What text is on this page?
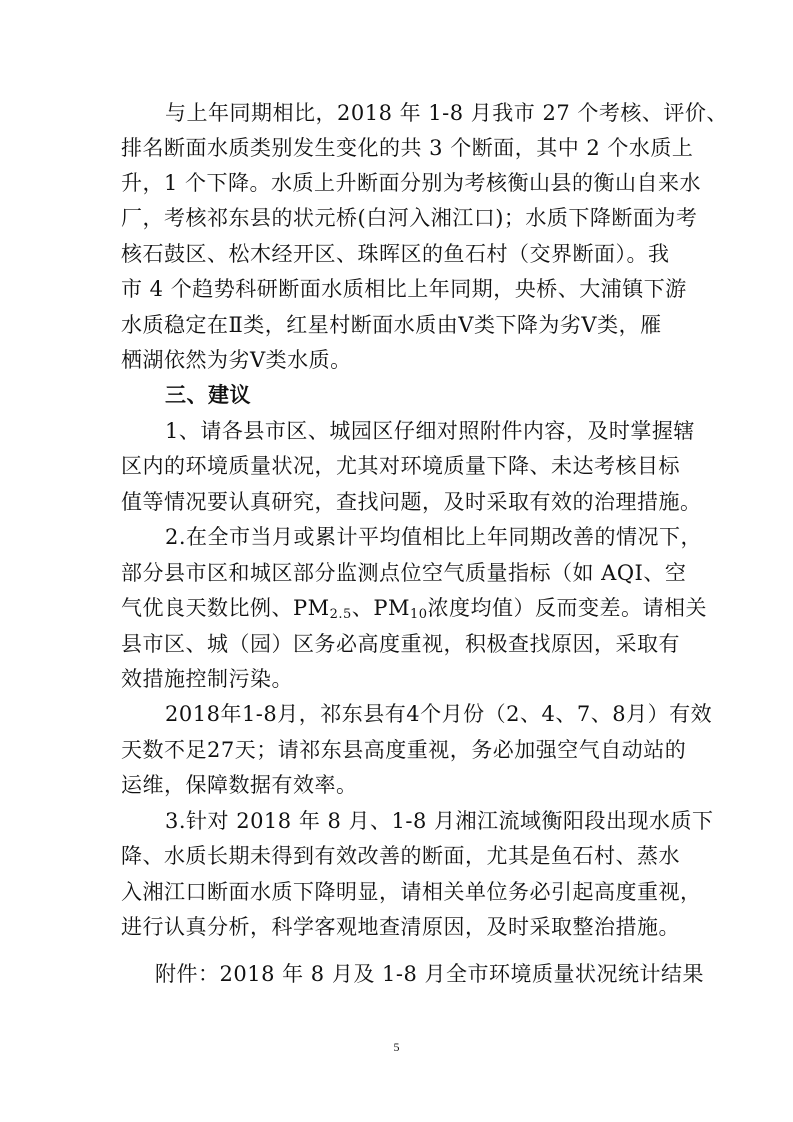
与上年同期相比，2018 年 1-8 月我市 27 个考核、评价、
排名断面水质类别发生变化的共 3 个断面，其中 2 个水质上
升，1 个下降。水质上升断面分别为考核衡山县的衡山自来水
厂，考核祁东县的状元桥(白河入湘江口)；水质下降断面为考
核石鼓区、松木经开区、珠晖区的鱼石村（交界断面）。我
市 4 个趋势科研断面水质相比上年同期，央桥、大浦镇下游
水质稳定在Ⅱ类，红星村断面水质由Ⅴ类下降为劣Ⅴ类，雁
栖湖依然为劣Ⅴ类水质。
三、建议
1、请各县市区、城园区仔细对照附件内容，及时掌握辖
区内的环境质量状况，尤其对环境质量下降、未达考核目标
值等情况要认真研究，查找问题，及时采取有效的治理措施。
2.在全市当月或累计平均值相比上年同期改善的情况下，
部分县市区和城区部分监测点位空气质量指标（如 AQI、空
气优良天数比例、$PM_{2.5}$、$PM_{10}$浓度均值）反而变差。请相关
县市区、城（园）区务必高度重视，积极查找原因，采取有
效措施控制污染。
2018年1-8月，祁东县有4个月份（2、4、7、8月）有效
天数不足27天；请祁东县高度重视，务必加强空气自动站的
运维，保障数据有效率。
3.针对 2018 年 8 月、1-8 月湘江流域衡阳段出现水质下
降、水质长期未得到有效改善的断面，尤其是鱼石村、蒸水
入湘江口断面水质下降明显，请相关单位务必引起高度重视，
进行认真分析，科学客观地查清原因，及时采取整治措施。
附件：2018 年 8 月及 1-8 月全市环境质量状况统计结果
5
